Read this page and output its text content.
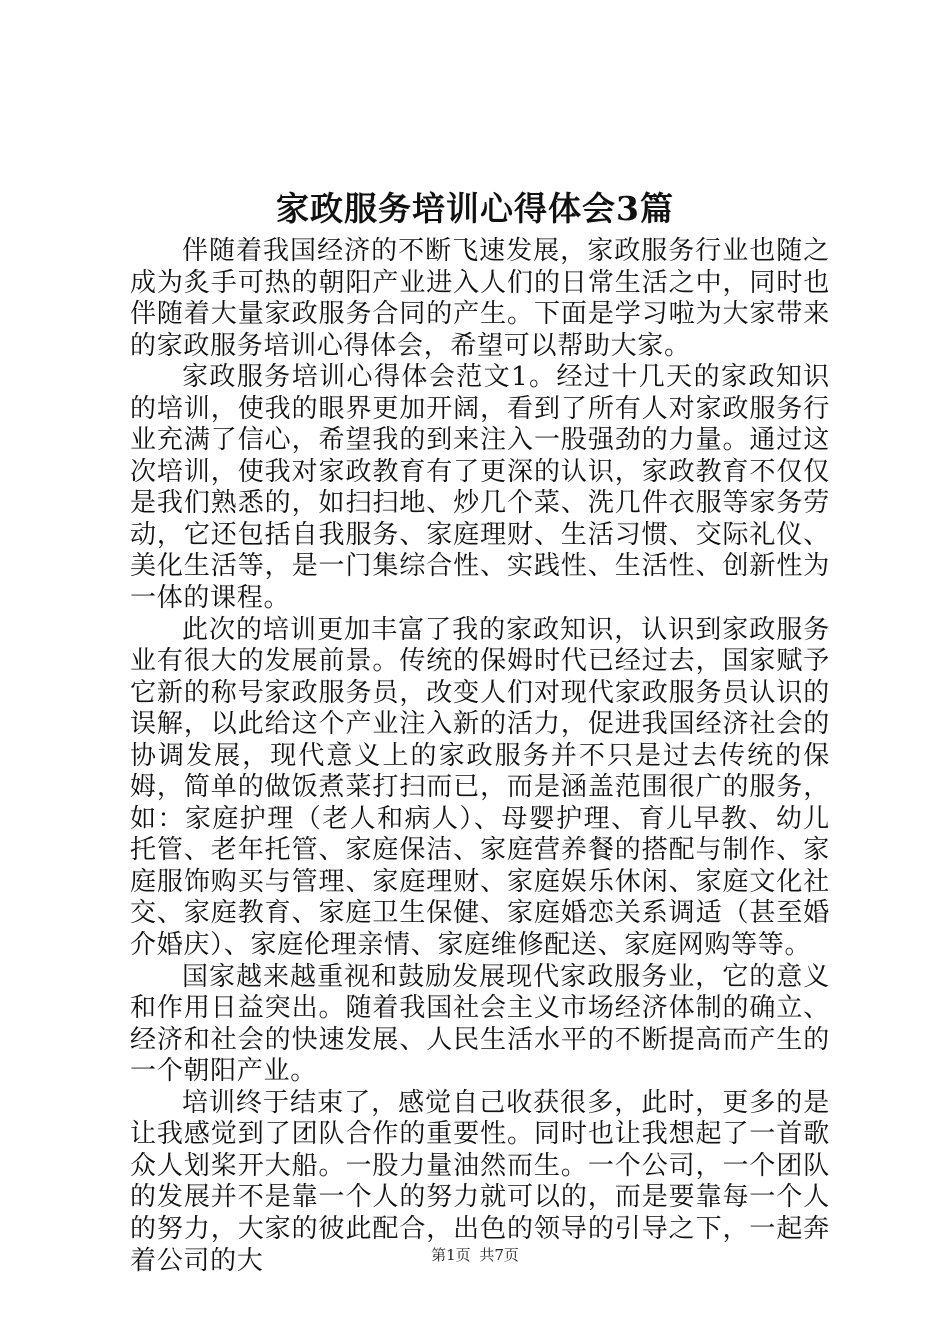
家政服务培训心得体会3篇

伴随着我国经济的不断飞速发展，家政服务行业也随之成为炙手可热的朝阳产业进入人们的日常生活之中，同时也伴随着大量家政服务合同的产生。下面是学习啦为大家带来的家政服务培训心得体会，希望可以帮助大家。

家政服务培训心得体会范文1。经过十几天的家政知识的培训，使我的眼界更加开阔，看到了所有人对家政服务行业充满了信心，希望我的到来注入一股强劲的力量。通过这次培训，使我对家政教育有了更深的认识，家政教育不仅仅是我们熟悉的，如扫扫地、炒几个菜、洗几件衣服等家务劳动，它还包括自我服务、家庭理财、生活习惯、交际礼仪、美化生活等，是一门集综合性、实践性、生活性、创新性为一体的课程。

此次的培训更加丰富了我的家政知识，认识到家政服务业有很大的发展前景。传统的保姆时代已经过去，国家赋予它新的称号家政服务员，改变人们对现代家政服务员认识的误解，以此给这个产业注入新的活力，促进我国经济社会的协调发展，现代意义上的家政服务并不只是过去传统的保姆，简单的做饭煮菜打扫而已，而是涵盖范围很广的服务，如：家庭护理（老人和病人）、母婴护理、育儿早教、幼儿托管、老年托管、家庭保洁、家庭营养餐的搭配与制作、家庭服饰购买与管理、家庭理财、家庭娱乐休闲、家庭文化社交、家庭教育、家庭卫生保健、家庭婚恋关系调适（甚至婚介婚庆）、家庭伦理亲情、家庭维修配送、家庭网购等等。

国家越来越重视和鼓励发展现代家政服务业，它的意义和作用日益突出。随着我国社会主义市场经济体制的确立、经济和社会的快速发展、人民生活水平的不断提高而产生的一个朝阳产业。

培训终于结束了，感觉自己收获很多，此时，更多的是让我感觉到了团队合作的重要性。同时也让我想起了一首歌众人划桨开大船。一股力量油然而生。一个公司，一个团队的发展并不是靠一个人的努力就可以的，而是要靠每一个人的努力，大家的彼此配合，出色的领导的引导之下，一起奔着公司的大	第1页 共7页
